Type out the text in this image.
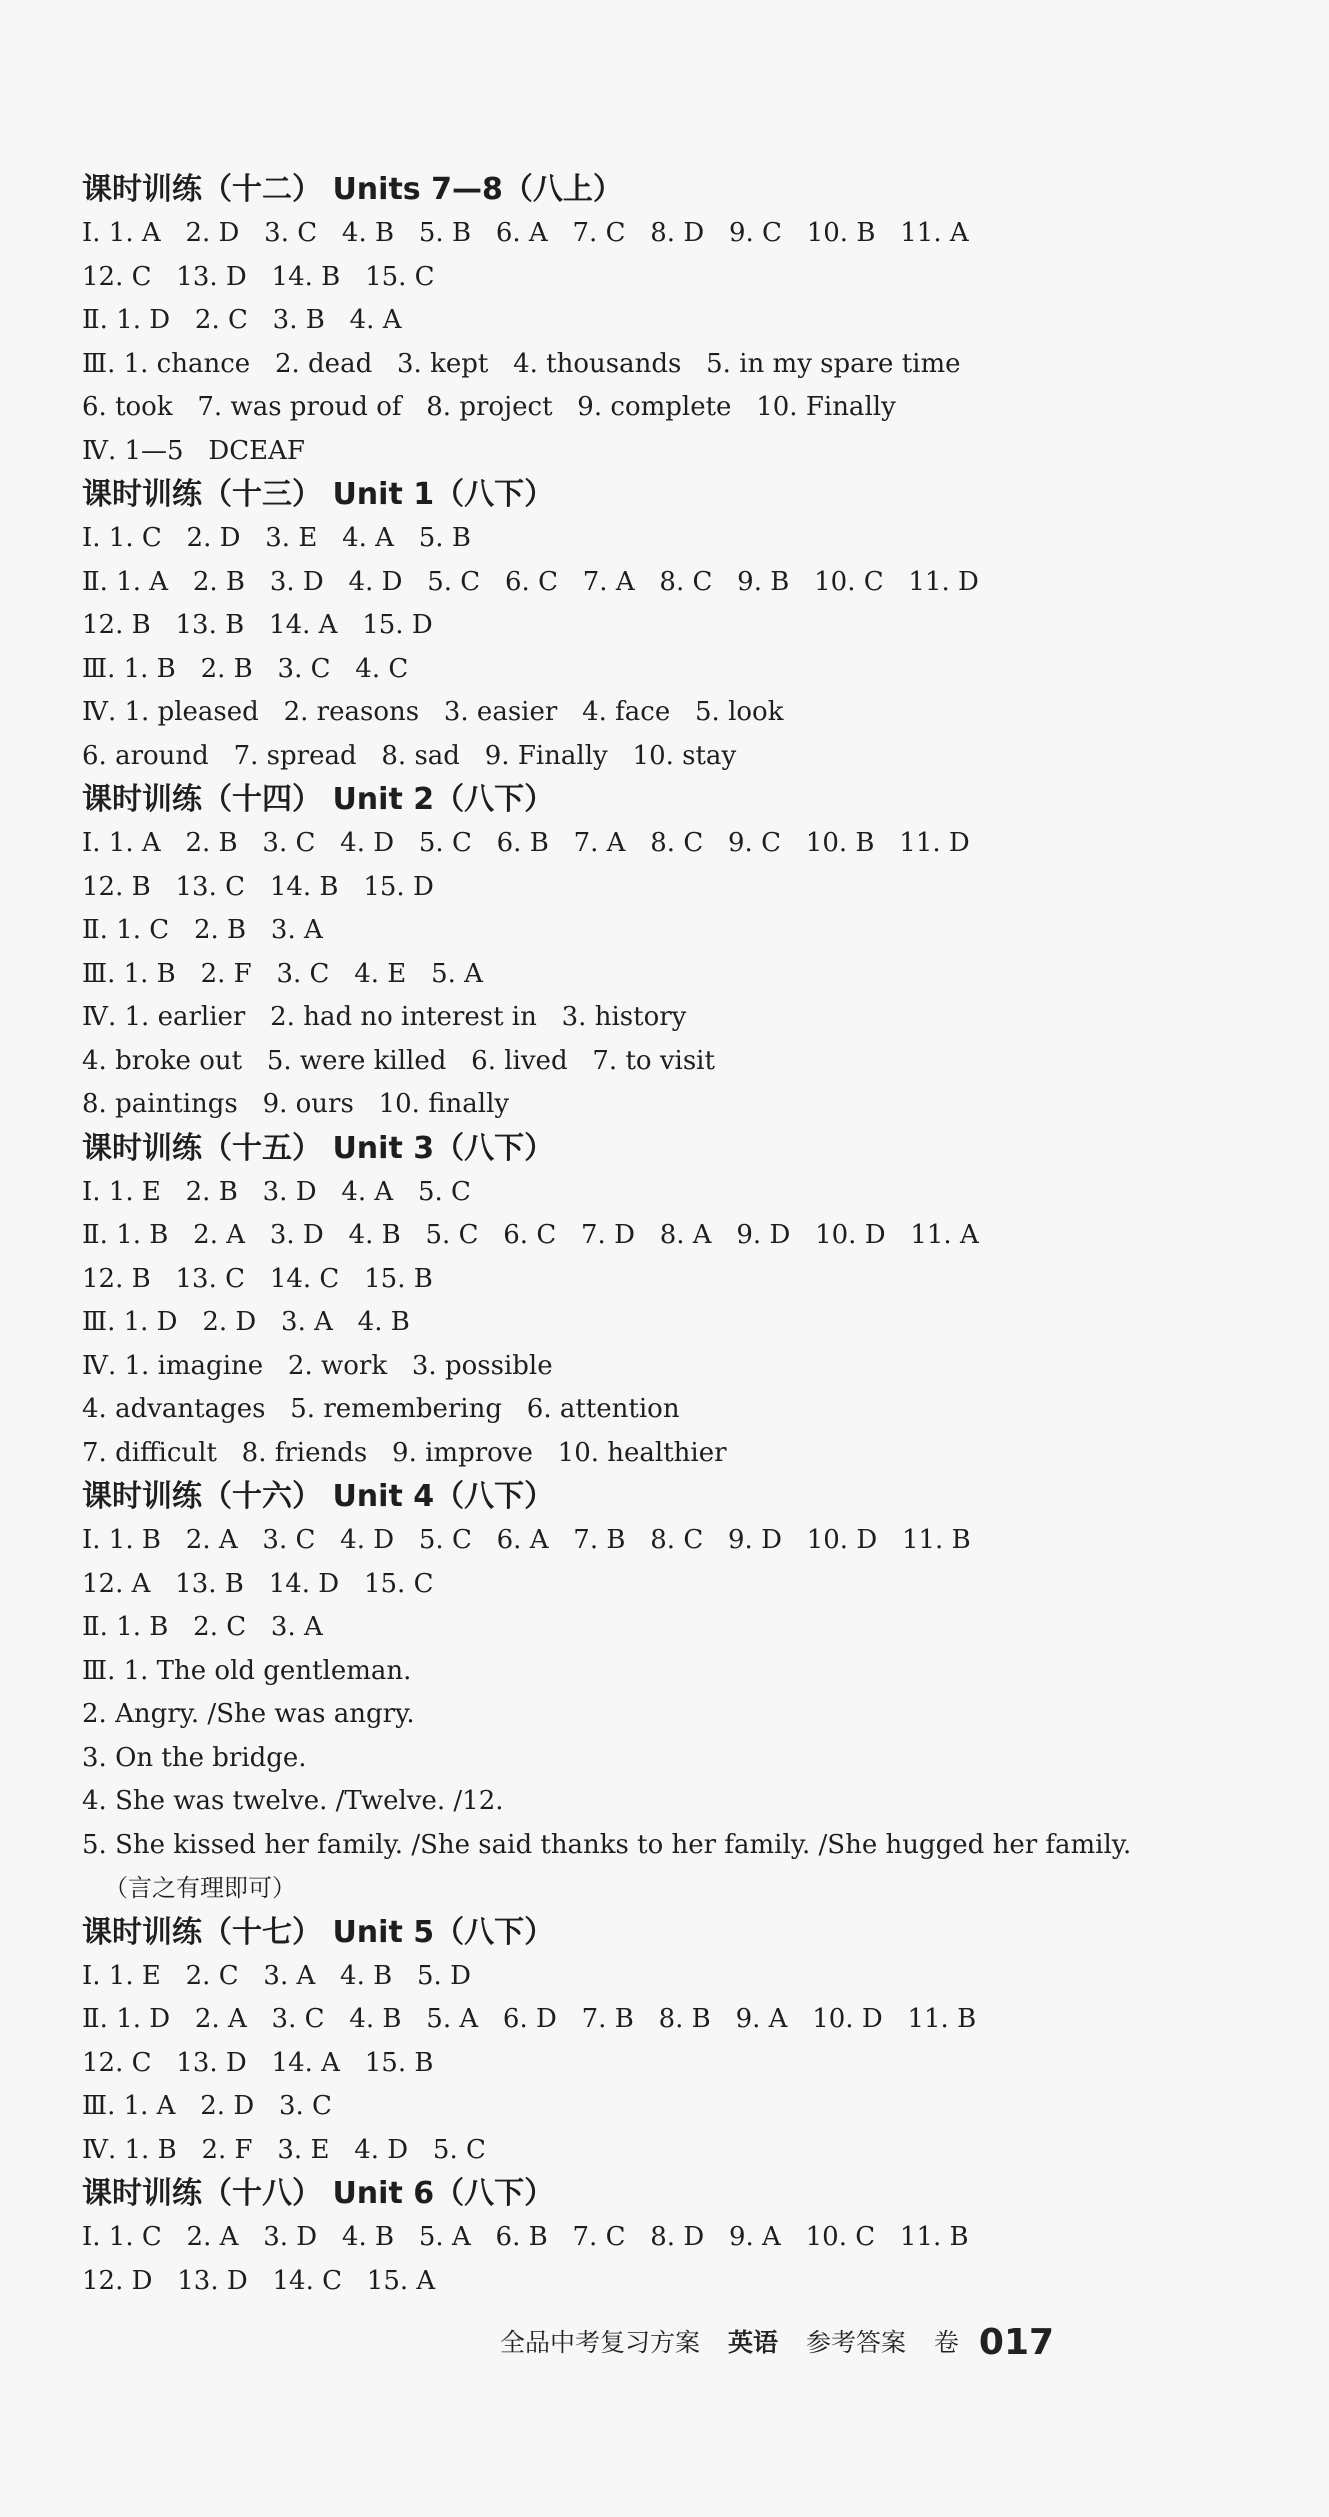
课时训练（十二） Units 7—8（八上）
Ⅰ. 1. A   2. D   3. C   4. B   5. B   6. A   7. C   8. D   9. C   10. B   11. A
12. C   13. D   14. B   15. C
Ⅱ. 1. D   2. C   3. B   4. A
Ⅲ. 1. chance   2. dead   3. kept   4. thousands   5. in my spare time
6. took   7. was proud of   8. project   9. complete   10. Finally
Ⅳ. 1—5   DCEAF
课时训练（十三） Unit 1（八下）
Ⅰ. 1. C   2. D   3. E   4. A   5. B
Ⅱ. 1. A   2. B   3. D   4. D   5. C   6. C   7. A   8. C   9. B   10. C   11. D
12. B   13. B   14. A   15. D
Ⅲ. 1. B   2. B   3. C   4. C
Ⅳ. 1. pleased   2. reasons   3. easier   4. face   5. look
6. around   7. spread   8. sad   9. Finally   10. stay
课时训练（十四） Unit 2（八下）
Ⅰ. 1. A   2. B   3. C   4. D   5. C   6. B   7. A   8. C   9. C   10. B   11. D
12. B   13. C   14. B   15. D
Ⅱ. 1. C   2. B   3. A
Ⅲ. 1. B   2. F   3. C   4. E   5. A
Ⅳ. 1. earlier   2. had no interest in   3. history
4. broke out   5. were killed   6. lived   7. to visit
8. paintings   9. ours   10. finally
课时训练（十五） Unit 3（八下）
Ⅰ. 1. E   2. B   3. D   4. A   5. C
Ⅱ. 1. B   2. A   3. D   4. B   5. C   6. C   7. D   8. A   9. D   10. D   11. A
12. B   13. C   14. C   15. B
Ⅲ. 1. D   2. D   3. A   4. B
Ⅳ. 1. imagine   2. work   3. possible
4. advantages   5. remembering   6. attention
7. difficult   8. friends   9. improve   10. healthier
课时训练（十六） Unit 4（八下）
Ⅰ. 1. B   2. A   3. C   4. D   5. C   6. A   7. B   8. C   9. D   10. D   11. B
12. A   13. B   14. D   15. C
Ⅱ. 1. B   2. C   3. A
Ⅲ. 1. The old gentleman.
2. Angry. /She was angry.
3. On the bridge.
4. She was twelve. /Twelve. /12.
5. She kissed her family. /She said thanks to her family. /She hugged her family.
（言之有理即可）
课时训练（十七） Unit 5（八下）
Ⅰ. 1. E   2. C   3. A   4. B   5. D
Ⅱ. 1. D   2. A   3. C   4. B   5. A   6. D   7. B   8. B   9. A   10. D   11. B
12. C   13. D   14. A   15. B
Ⅲ. 1. A   2. D   3. C
Ⅳ. 1. B   2. F   3. E   4. D   5. C
课时训练（十八） Unit 6（八下）
Ⅰ. 1. C   2. A   3. D   4. B   5. A   6. B   7. C   8. D   9. A   10. C   11. B
12. D   13. D   14. C   15. A
全品中考复习方案 英语 参考答案 卷 017
